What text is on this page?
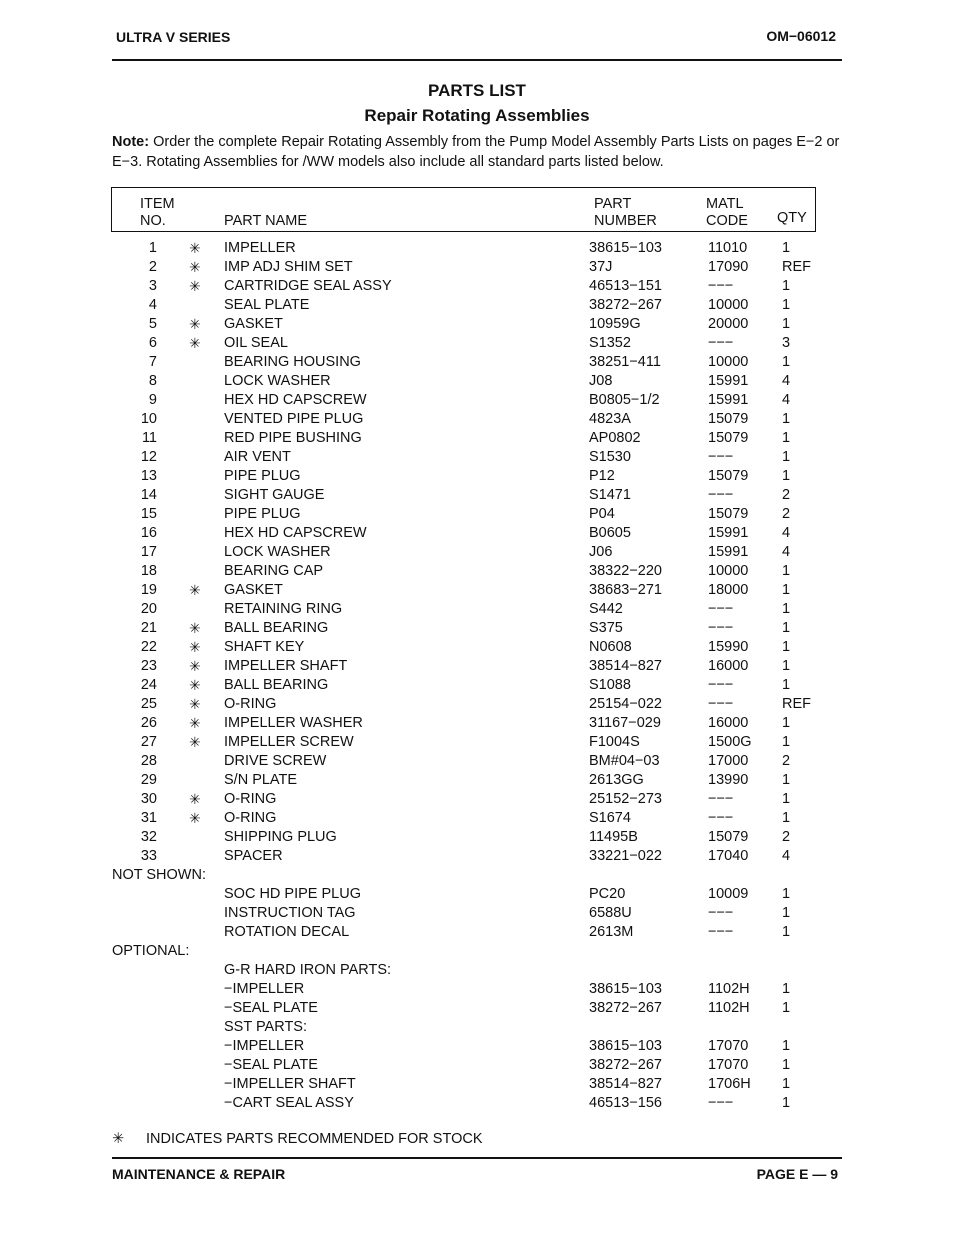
ULTRA V SERIES	OM−06012
PARTS LIST
Repair Rotating Assemblies
Note: Order the complete Repair Rotating Assembly from the Pump Model Assembly Parts Lists on pages E−2 or E−3. Rotating Assemblies for /WW models also include all standard parts listed below.
ITEM
NO.	PART NAME
PART
NUMBER
MATL
CODE QTY
1 ✳ IMPELLER	38615−103	11010 1
2 ✳ IMP ADJ SHIM SET	37J	17090 REF
3 ✳ CARTRIDGE SEAL ASSY	46513−151	−−−	1
4	SEAL PLATE	38272−267	10000 1
5 ✳ GASKET	10959G	20000 1
6 ✳ OIL SEAL	S1352	−−−	3
7	BEARING HOUSING	38251−411	10000 1
8	LOCK WASHER	J08	15991 4
9	HEX HD CAPSCREW	B0805−1/2	15991 4
10	VENTED PIPE PLUG	4823A	15079 1
11	RED PIPE BUSHING	AP0802	15079 1
12	AIR VENT	S1530	−−−	1
13	PIPE PLUG	P12	15079 1
14	SIGHT GAUGE	S1471	−−−	2
15	PIPE PLUG	P04	15079 2
16	HEX HD CAPSCREW	B0605	15991 4
17	LOCK WASHER	J06	15991 4
18	BEARING CAP	38322−220	10000 1
19 ✳ GASKET	38683−271	18000 1
20	RETAINING RING	S442	−−−	1
21 ✳ BALL BEARING	S375	−−−	1
22 ✳ SHAFT KEY	N0608	15990 1
23 ✳ IMPELLER SHAFT	38514−827	16000 1
24 ✳ BALL BEARING	S1088	−−−	1
25 ✳ O-RING	25154−022	−−−	REF
26 ✳ IMPELLER WASHER	31167−029	16000 1
27 ✳ IMPELLER SCREW	F1004S	1500G 1
28	DRIVE SCREW	BM#04−03	17000 2
29	S/N PLATE	2613GG	13990 1
30 ✳ O-RING	25152−273	−−−	1
31 ✳ O-RING	S1674	−−−	1
32	SHIPPING PLUG	11495B	15079 2
33	SPACER	33221−022	17040 4
NOT SHOWN:
SOC HD PIPE PLUG	PC20	10009 1
INSTRUCTION TAG	6588U	−−−	1
ROTATION DECAL	2613M	−−−	1
OPTIONAL:
G-R HARD IRON PARTS:
−IMPELLER	38615−103	1102H 1
−SEAL PLATE	38272−267	1102H 1
SST PARTS:
−IMPELLER	38615−103	17070 1
−SEAL PLATE	38272−267	17070 1
−IMPELLER SHAFT	38514−827	1706H 1
−CART SEAL ASSY	46513−156	−−−	1
✳ INDICATES PARTS RECOMMENDED FOR STOCK
MAINTENANCE & REPAIR	PAGE E — 9
